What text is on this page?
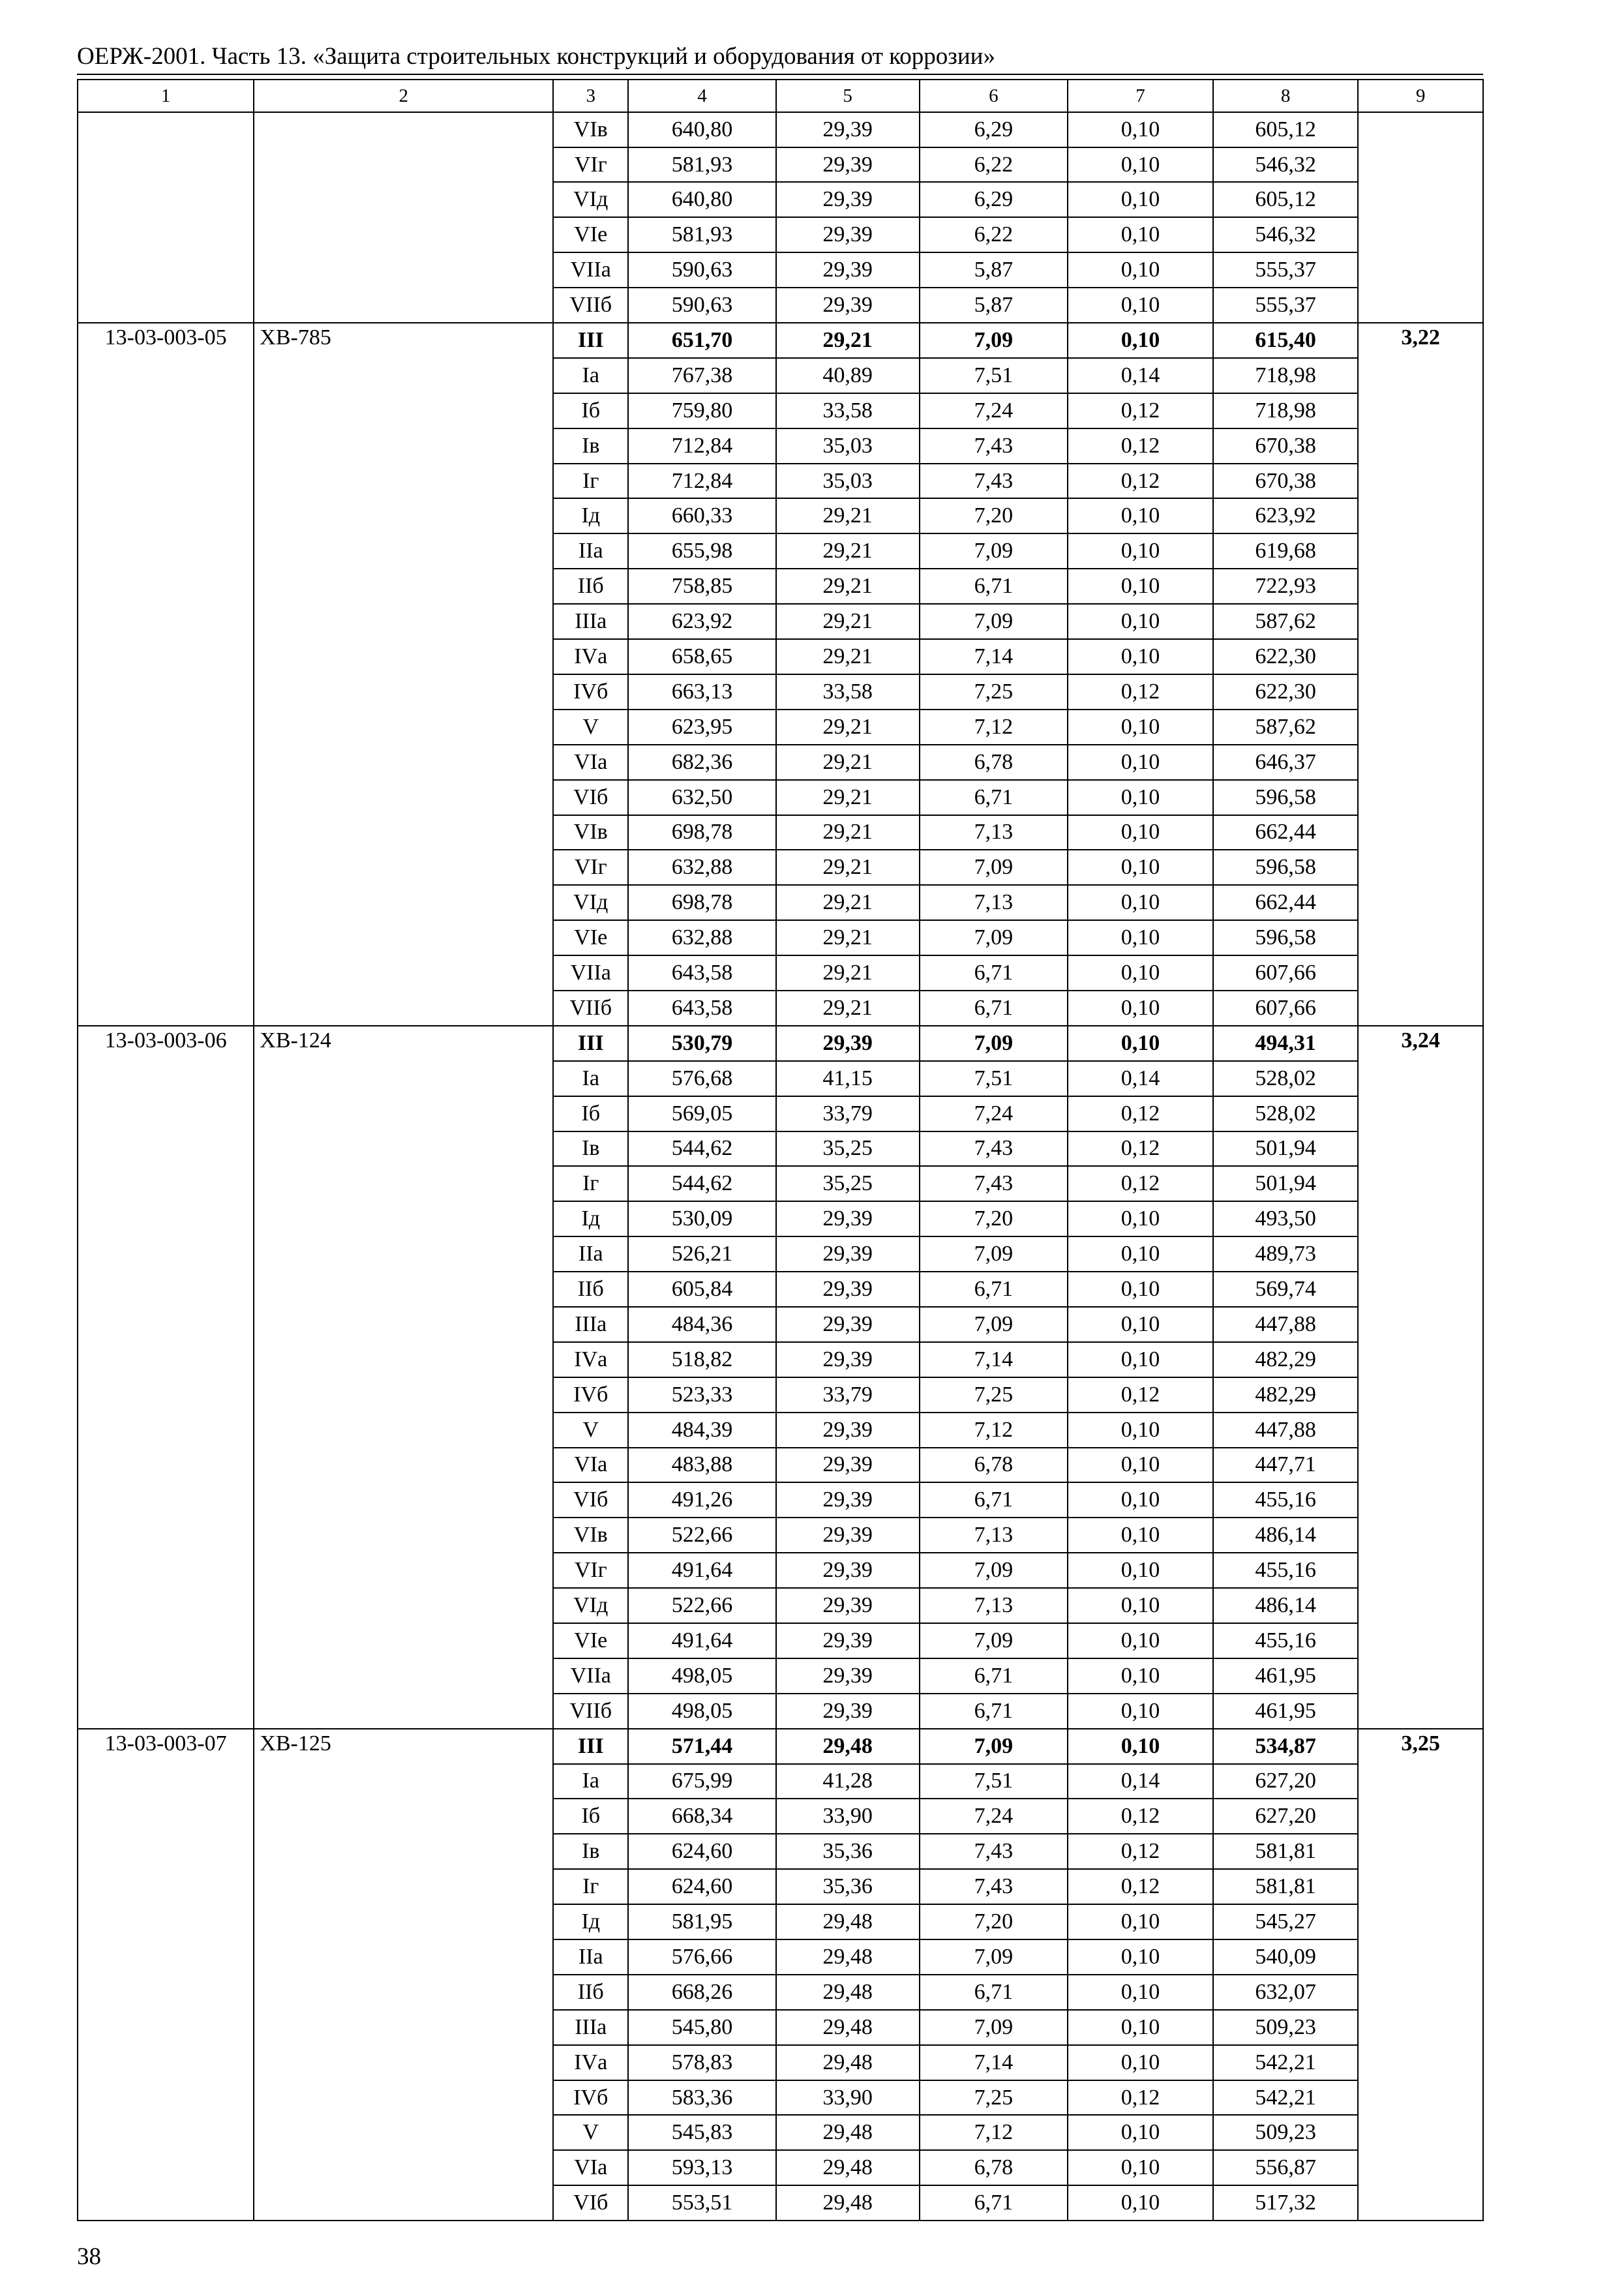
ОЕРЖ-2001. Часть 13. «Защита строительных конструкций и оборудования от коррозии»
1	2	3	4	5	6	7	8	9
		VIв	640,80	29,39	6,29	0,10	605,12	
		VIг	581,93	29,39	6,22	0,10	546,32	
		VIд	640,80	29,39	6,29	0,10	605,12	
		VIе	581,93	29,39	6,22	0,10	546,32	
		VIIа	590,63	29,39	5,87	0,10	555,37	
		VIIб	590,63	29,39	5,87	0,10	555,37	
13-03-003-05	ХВ-785	III	651,70	29,21	7,09	0,10	615,40	3,22
		Iа	767,38	40,89	7,51	0,14	718,98	
		Iб	759,80	33,58	7,24	0,12	718,98	
		Iв	712,84	35,03	7,43	0,12	670,38	
		Iг	712,84	35,03	7,43	0,12	670,38	
		Iд	660,33	29,21	7,20	0,10	623,92	
		IIа	655,98	29,21	7,09	0,10	619,68	
		IIб	758,85	29,21	6,71	0,10	722,93	
		IIIа	623,92	29,21	7,09	0,10	587,62	
		IVа	658,65	29,21	7,14	0,10	622,30	
		IVб	663,13	33,58	7,25	0,12	622,30	
		V	623,95	29,21	7,12	0,10	587,62	
		VIа	682,36	29,21	6,78	0,10	646,37	
		VIб	632,50	29,21	6,71	0,10	596,58	
		VIв	698,78	29,21	7,13	0,10	662,44	
		VIг	632,88	29,21	7,09	0,10	596,58	
		VIд	698,78	29,21	7,13	0,10	662,44	
		VIе	632,88	29,21	7,09	0,10	596,58	
		VIIа	643,58	29,21	6,71	0,10	607,66	
		VIIб	643,58	29,21	6,71	0,10	607,66	
13-03-003-06	ХВ-124	III	530,79	29,39	7,09	0,10	494,31	3,24
		Iа	576,68	41,15	7,51	0,14	528,02	
		Iб	569,05	33,79	7,24	0,12	528,02	
		Iв	544,62	35,25	7,43	0,12	501,94	
		Iг	544,62	35,25	7,43	0,12	501,94	
		Iд	530,09	29,39	7,20	0,10	493,50	
		IIа	526,21	29,39	7,09	0,10	489,73	
		IIб	605,84	29,39	6,71	0,10	569,74	
		IIIа	484,36	29,39	7,09	0,10	447,88	
		IVа	518,82	29,39	7,14	0,10	482,29	
		IVб	523,33	33,79	7,25	0,12	482,29	
		V	484,39	29,39	7,12	0,10	447,88	
		VIа	483,88	29,39	6,78	0,10	447,71	
		VIб	491,26	29,39	6,71	0,10	455,16	
		VIв	522,66	29,39	7,13	0,10	486,14	
		VIг	491,64	29,39	7,09	0,10	455,16	
		VIд	522,66	29,39	7,13	0,10	486,14	
		VIе	491,64	29,39	7,09	0,10	455,16	
		VIIа	498,05	29,39	6,71	0,10	461,95	
		VIIб	498,05	29,39	6,71	0,10	461,95	
13-03-003-07	ХВ-125	III	571,44	29,48	7,09	0,10	534,87	3,25
		Iа	675,99	41,28	7,51	0,14	627,20	
		Iб	668,34	33,90	7,24	0,12	627,20	
		Iв	624,60	35,36	7,43	0,12	581,81	
		Iг	624,60	35,36	7,43	0,12	581,81	
		Iд	581,95	29,48	7,20	0,10	545,27	
		IIа	576,66	29,48	7,09	0,10	540,09	
		IIб	668,26	29,48	6,71	0,10	632,07	
		IIIа	545,80	29,48	7,09	0,10	509,23	
		IVа	578,83	29,48	7,14	0,10	542,21	
		IVб	583,36	33,90	7,25	0,12	542,21	
		V	545,83	29,48	7,12	0,10	509,23	
		VIа	593,13	29,48	6,78	0,10	556,87	
		VIб	553,51	29,48	6,71	0,10	517,32	
38
